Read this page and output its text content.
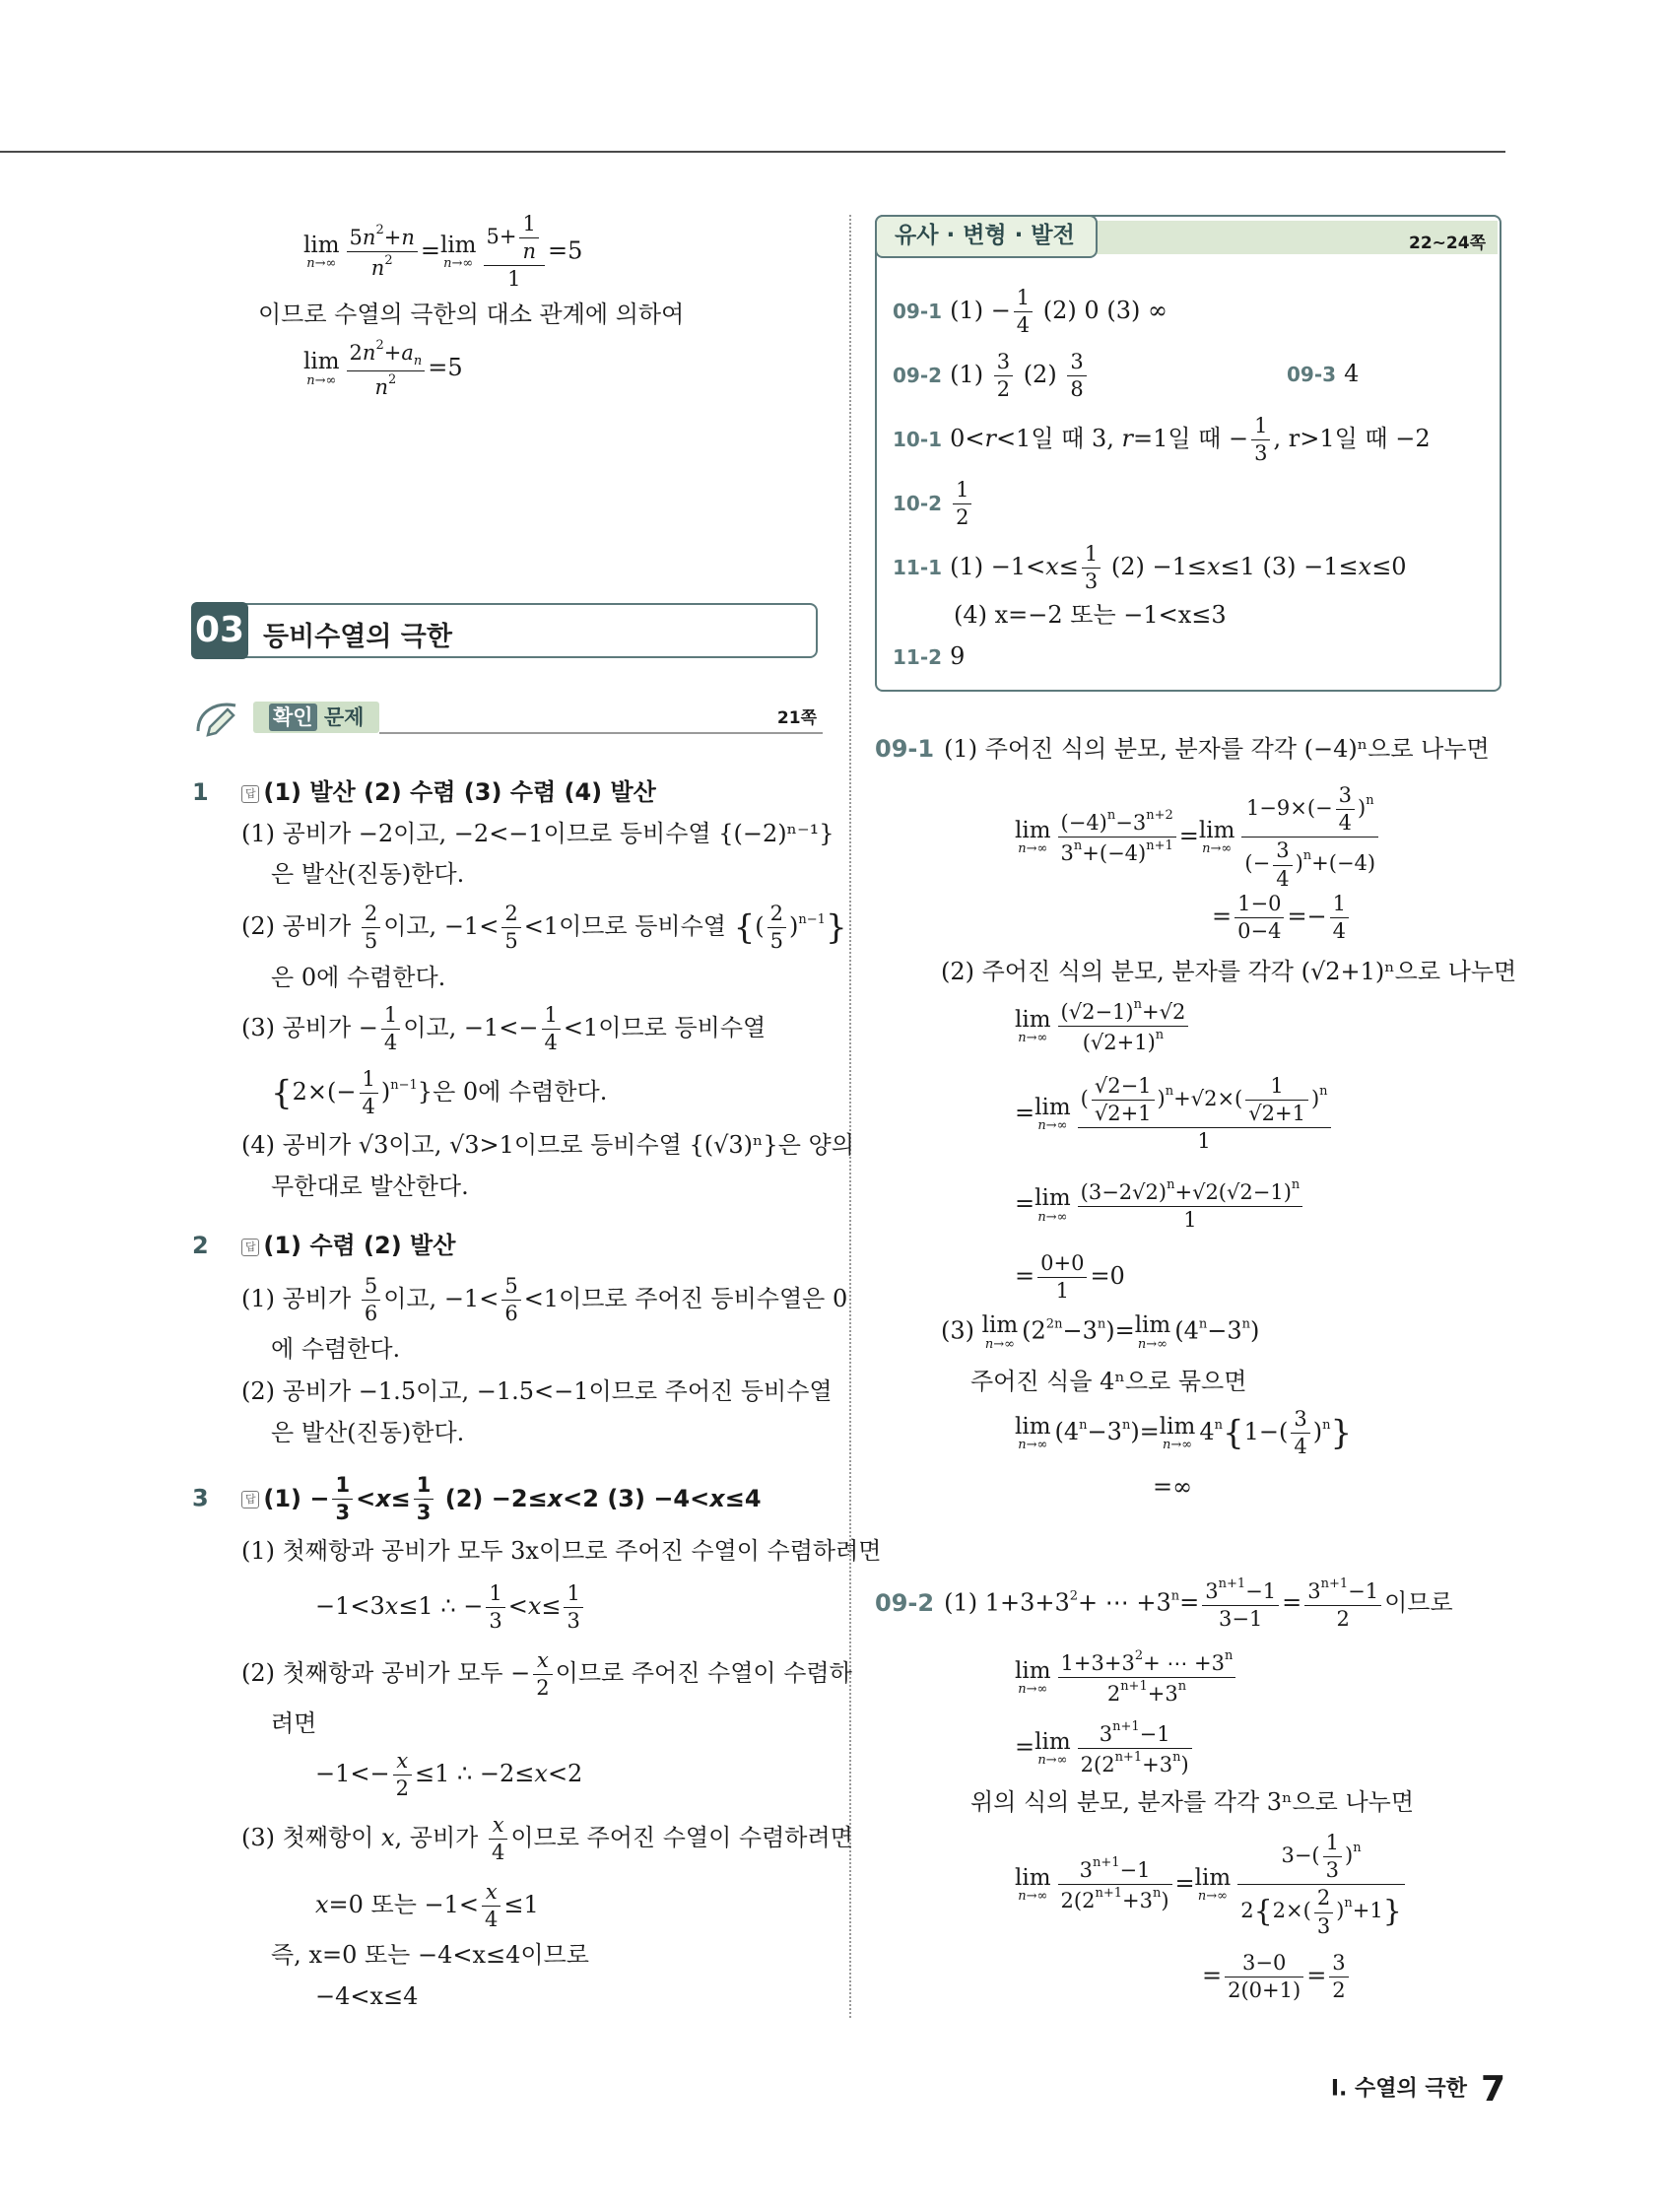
lim
$n\to\infty \frac{5n^2+n}{n^2} = \lim$
$n\to\infty \frac{5+ \frac{1}{n}}{1} =5$
이므로 수열의 극한의 대소 관계에 의하여
lim
$n\to\infty \frac{2n^2+a_n}{n^2} =5$
03 등비수열의 극한
확인 문제	21쪽
1	답 (1) 발산 (2) 수렴 (3) 수렴 (4) 발산
(1) 공비가 −2이고, −2<−1이므로 등비수열 {(−2)ⁿ⁻¹}
은 발산(진동)한다.
(2) 공비가 $\frac{2}{5}$ 이고, $-1< \frac{2}{5} <1$이므로 등비수열 {( $\frac{2}{5} )^{n-1}$}
은 0에 수렴한다.
(3) 공비가 − $\frac{1}{4}$ 이고, $-1<- \frac{1}{4} <1$이므로 등비수열
$\{2\times(- \frac{1}{4} )^{n-1}\}$은 0에 수렴한다.
(4) 공비가 √3이고, √3>1이므로 등비수열 {(√3)ⁿ}은 양의
무한대로 발산한다.
2	답 (1) 수렴 (2) 발산
(1) 공비가 $\frac{5}{6}$ 이고, $-1< \frac{5}{6} <1$이므로 주어진 등비수열은 0
에 수렴한다.
(2) 공비가 −1.5이고, −1.5<−1이므로 주어진 등비수열
은 발산(진동)한다.
3	답 $(1) - \frac{1}{3} <x\le \frac{1}{3} (2) -2\le x<2$ (3) −4<x≤4
(1) 첫째항과 공비가 모두 3x이므로 주어진 수열이 수렴하려면
−1<3x≤1 ∴ − $\frac{1}{3} <x\le \frac{1}{3}$
(2) 첫째항과 공비가 모두 − $\frac{x}{2}$ 이므로 주어진 수열이 수렴하
려면
$-1<- \frac{x}{2} \le 1$ ∴ −2≤x<2
(3) 첫째항이 x, 공비가 $\frac{x}{4}$ 이므로 주어진 수열이 수렴하려면
x=0 또는 $-1< \frac{x}{4} \le 1$
즉, x=0 또는 −4<x≤4이므로
−4<x≤4
유사 · 변형 · 발전	22~24쪽
09-1 $(1) - \frac{1}{4} (2)$ 0 (3) ∞
09-2 $(1) \frac{3}{2} (2) \frac{3}{8}$	09-3 4
10-1 0<r<1일 때 3, r=1일 때 − $\frac{1}{3}$ , r>1일 때 −2
$10-2 \frac{1}{2}$
11-1 $(1) -1<x\le \frac{1}{3} (2) -1\le x\le 1$ (3) −1≤x≤0
(4) x=−2 또는 −1<x≤3
11-2 9
09-1 (1) 주어진 식의 분모, 분자를 각각 (−4)ⁿ으로 나누면
lim
$n\to\infty \frac{(-4)^n-3^{n+2}}{3^n+(-4)^{n+1}} = \lim$
$n\to\infty \frac{1-9\times(- \frac{3}{4} )^n}{(- \frac{3}{4} )^n+(-4)}$
= $\frac{1-0}{0-4} =- \frac{1}{4}$
(2) 주어진 식의 분모, 분자를 각각 (√2+1)ⁿ으로 나누면
lim
$n\to\infty \frac{(√2-1)^n+√2}{(√2+1)^n}$
= lim
$n\to\infty \frac{( \frac{√2-1}{√2+1} )^n+√2\times( \frac{1}{√2+1} )^n}{1}$
= lim
$n\to\infty \frac{(3-2√2)^n+√2(√2-1)^n}{1}$
= $\frac{0+0}{1} =0$
(3) lim
n→∞ $(2^{2n}-3^n)= \lim$
n→∞ $(4^n-3^n)$
주어진 식을 4ⁿ으로 묶으면
lim
n→∞ $(4^n-3^n)= \lim$
n→∞ $4^n\{1-( \frac{3}{4} )^n\}$
=∞
09-2 (1) $1+3+3^2+$ ⋯ $+3^n= \frac{3^{n+1}-1}{3-1} = \frac{3^{n+1}-1}{2}$ 이므로
lim
$n\to\infty \frac{1+3+3^2+ \cdots +3^n}{2^{n+1}+3^n}$
= lim
$n\to\infty \frac{3^{n+1}-1}{2(2^{n+1}+3^n)}$
위의 식의 분모, 분자를 각각 3ⁿ으로 나누면
lim
$n\to\infty \frac{3^{n+1}-1}{2(2^{n+1}+3^n)} = \lim$
$n\to\infty \frac{3-( \frac{1}{3} )^n}{2\{2\times( \frac{2}{3} )^n+1\}}$
= $\frac{3-0}{2(0+1)} = \frac{3}{2}$
Ⅰ. 수열의 극한 7
